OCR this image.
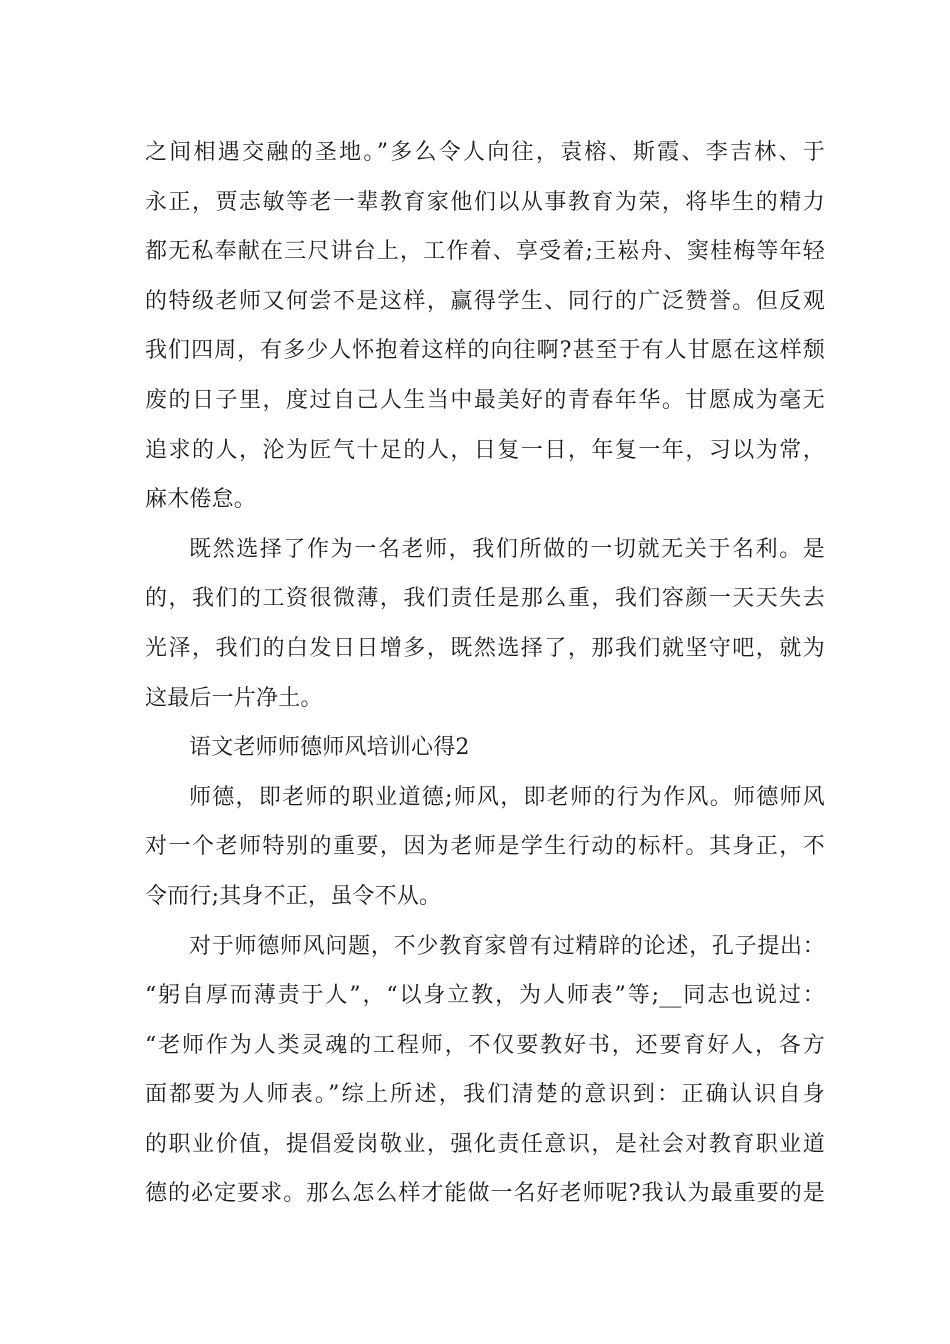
之间相遇交融的圣地。”多么令人向往，袁榕、斯霞、李吉林、于
永正，贾志敏等老一辈教育家他们以从事教育为荣，将毕生的精力
都无私奉献在三尺讲台上，工作着、享受着;王崧舟、窦桂梅等年轻
的特级老师又何尝不是这样，赢得学生、同行的广泛赞誉。但反观
我们四周，有多少人怀抱着这样的向往啊?甚至于有人甘愿在这样颓
废的日子里，度过自己人生当中最美好的青春年华。甘愿成为毫无
追求的人，沦为匠气十足的人，日复一日，年复一年，习以为常，
麻木倦怠。
既然选择了作为一名老师，我们所做的一切就无关于名利。是
的，我们的工资很微薄，我们责任是那么重，我们容颜一天天失去
光泽，我们的白发日日增多，既然选择了，那我们就坚守吧，就为
这最后一片净土。
语文老师师德师风培训心得2
师德，即老师的职业道德;师风，即老师的行为作风。师德师风
对一个老师特别的重要，因为老师是学生行动的标杆。其身正，不
令而行;其身不正，虽令不从。
对于师德师风问题，不少教育家曾有过精辟的论述，孔子提出：
“躬自厚而薄责于人”，“以身立教，为人师表”等;__同志也说过：
“老师作为人类灵魂的工程师，不仅要教好书，还要育好人，各方
面都要为人师表。”综上所述，我们清楚的意识到：正确认识自身
的职业价值，提倡爱岗敬业，强化责任意识，是社会对教育职业道
德的必定要求。那么怎么样才能做一名好老师呢?我认为最重要的是
